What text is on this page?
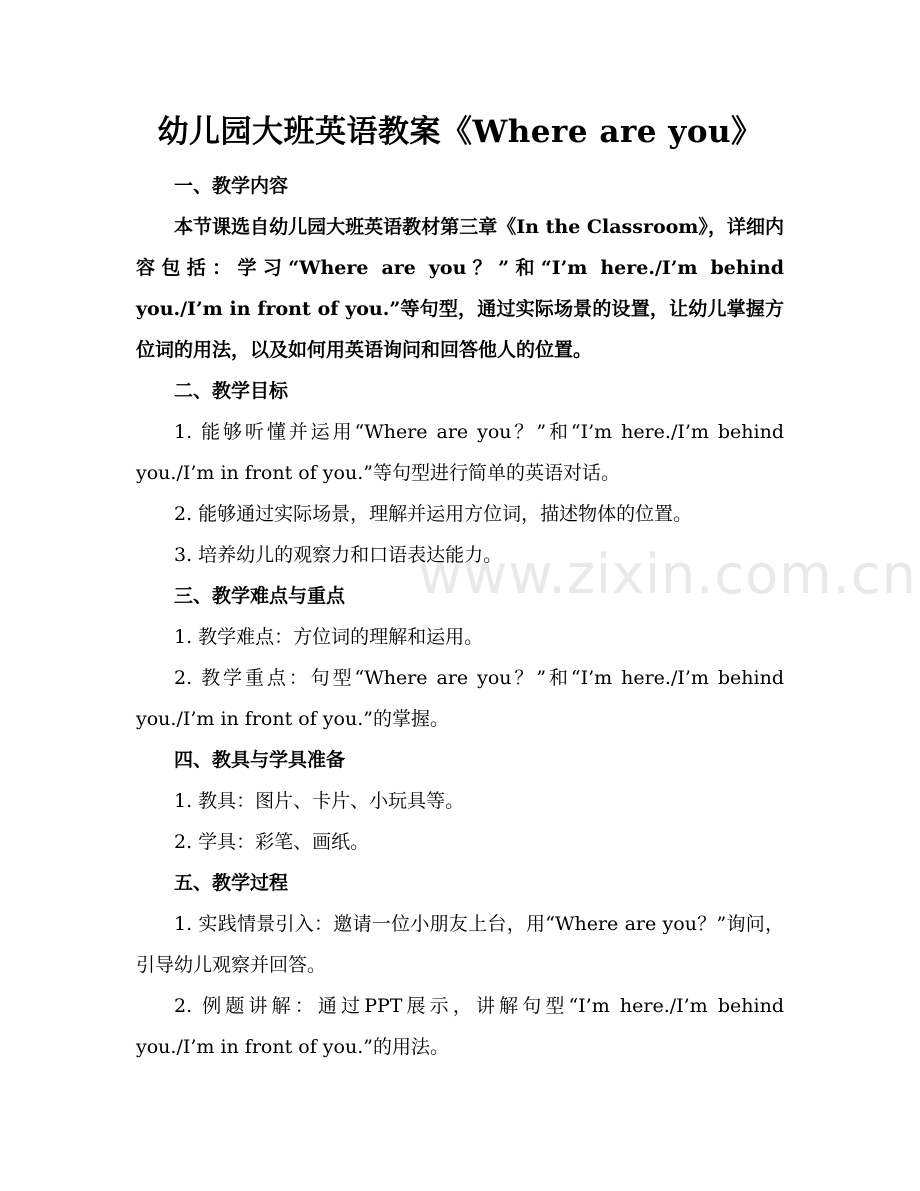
幼儿园大班英语教案《Where are you》

一、教学内容

本节课选自幼儿园大班英语教材第三章《In the Classroom》，详细内容包括：学习“Where are you？”和“I’m here./I’m behind you./I’m in front of you.”等句型，通过实际场景的设置，让幼儿掌握方位词的用法，以及如何用英语询问和回答他人的位置。

二、教学目标

1. 能够听懂并运用“Where are you？”和“I’m here./I’m behind you./I’m in front of you.”等句型进行简单的英语对话。

2. 能够通过实际场景，理解并运用方位词，描述物体的位置。

3. 培养幼儿的观察力和口语表达能力。

三、教学难点与重点

1. 教学难点：方位词的理解和运用。

2. 教学重点：句型“Where are you？”和“I’m here./I’m behind you./I’m in front of you.”的掌握。

四、教具与学具准备

1. 教具：图片、卡片、小玩具等。

2. 学具：彩笔、画纸。

五、教学过程

1. 实践情景引入：邀请一位小朋友上台，用“Where are you？”询问，引导幼儿观察并回答。

2. 例题讲解：通过PPT展示，讲解句型“I’m here./I’m behind you./I’m in front of you.”的用法。

www.zixin.com.cn
